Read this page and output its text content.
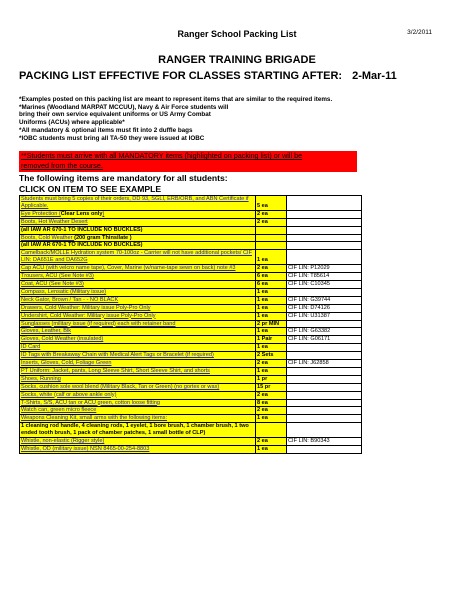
Ranger School Packing List	3/2/2011
RANGER TRAINING BRIGADE
PACKING LIST EFFECTIVE FOR CLASSES STARTING AFTER: 2-Mar-11
*Examples posted on this packing list are meant to represent items that are similar to the required items.
*Marines (Woodland MARPAT MCCUU), Navy & Air Force students will
bring their own service equivalent uniforms or US Army Combat
Uniforms (ACUs) where applicable*
*All mandatory & optional items must fit into 2 duffle bags
*IOBC students must bring all TA-50 they were issued at IOBC
**Students must arrive with all MANDATORY items (highlighted on packing list) or will be
removed from the course.
The following items are mandatory for all students:
CLICK ON ITEM TO SEE EXAMPLE
Students must bring 5 copies of their orders, DD 93, SGLI, ERB/ORB, and ABN Certificate if Applicable.	5 ea	
Eye Protection (Clear Lens only)	2 ea	
Boots, Hot Weather Desert	2 ea	
(all IAW AR 670-1 TO INCLUDE NO BUCKLES)		
Boots, Cold Weather (200 gram Thinsilate )		
(all IAW AR 670-1 TO INCLUDE NO BUCKLES)		
Camelback/MOLLE Hydration system 70-100oz - Carrier will not have additional pockets/ CIF LIN: DA651E and DA652G	1 ea	
Cap ACU (with velcro name tape), Cover, Marine (w/name-tape sewn on back) note #3	2 ea	CIF LIN: P12029
Trousers, ACU (See Note #3)	6 ea	CIF LIN: T85614
Coat, ACU (See Note #3)	6 ea	CIF LIN: C10345
Compass, Lensatic (Military issue)	1 ea	
Neck Gator, Brown / Tan - - NO BLACK	1 ea	CIF LIN: G39744
Drawers, Cold Weather: Military issue Poly-Pro Only	1 ea	CIF LIN: D74126
Undershirt, Cold Weather: Military issue Poly-Pro Only	1 ea	CIF LIN: U31387
Sunglasses (military issue (if required) each with retainer band	2 pr MIN	
Gloves, Leather, Blk	1 ea	CIF LIN: G63382
Gloves, Cold Weather (insulated)	1 Pair	CIF LIN: G06171
ID Card	1 ea	
ID Tags with Breakaway Chain with Medical Alert Tags or Bracelet (if required)	2 Sets	
Inserts, Gloves, Cold, Foliage Green	2 ea	CIF LIN: J62858
PT Uniform: Jacket, pants, Long Sleeve Shirt, Short Sleeve Shirt, and shorts	1 ea	
Shoes, Running	1 pr	
Socks, cushion sole wool blend (Military Black, Tan or Green) (no gortex or wax)	15 pr	
Socks, white (calf or above ankle only)	2 ea	
T-Shirts, S/S, ACU tan or ACU green, cotton loose fitting	8 ea	
Watch can, green micro fleece	2 ea	
Weapons Cleaning Kit, small arms with the following items:	1 ea	
1 cleaning rod handle, 4 cleaning rods, 1 eyelet, 1 bore brush, 1 chamber brush, 1 two ended tooth brush, 1 pack of chamber patches, 1 small bottle of CLP)		
Whistle, non-elastic (Rigger style)	2 ea	CIF LIN: B90343
Whistle, OD (military issue) NSN 8465-00-254-8803	1 ea	
